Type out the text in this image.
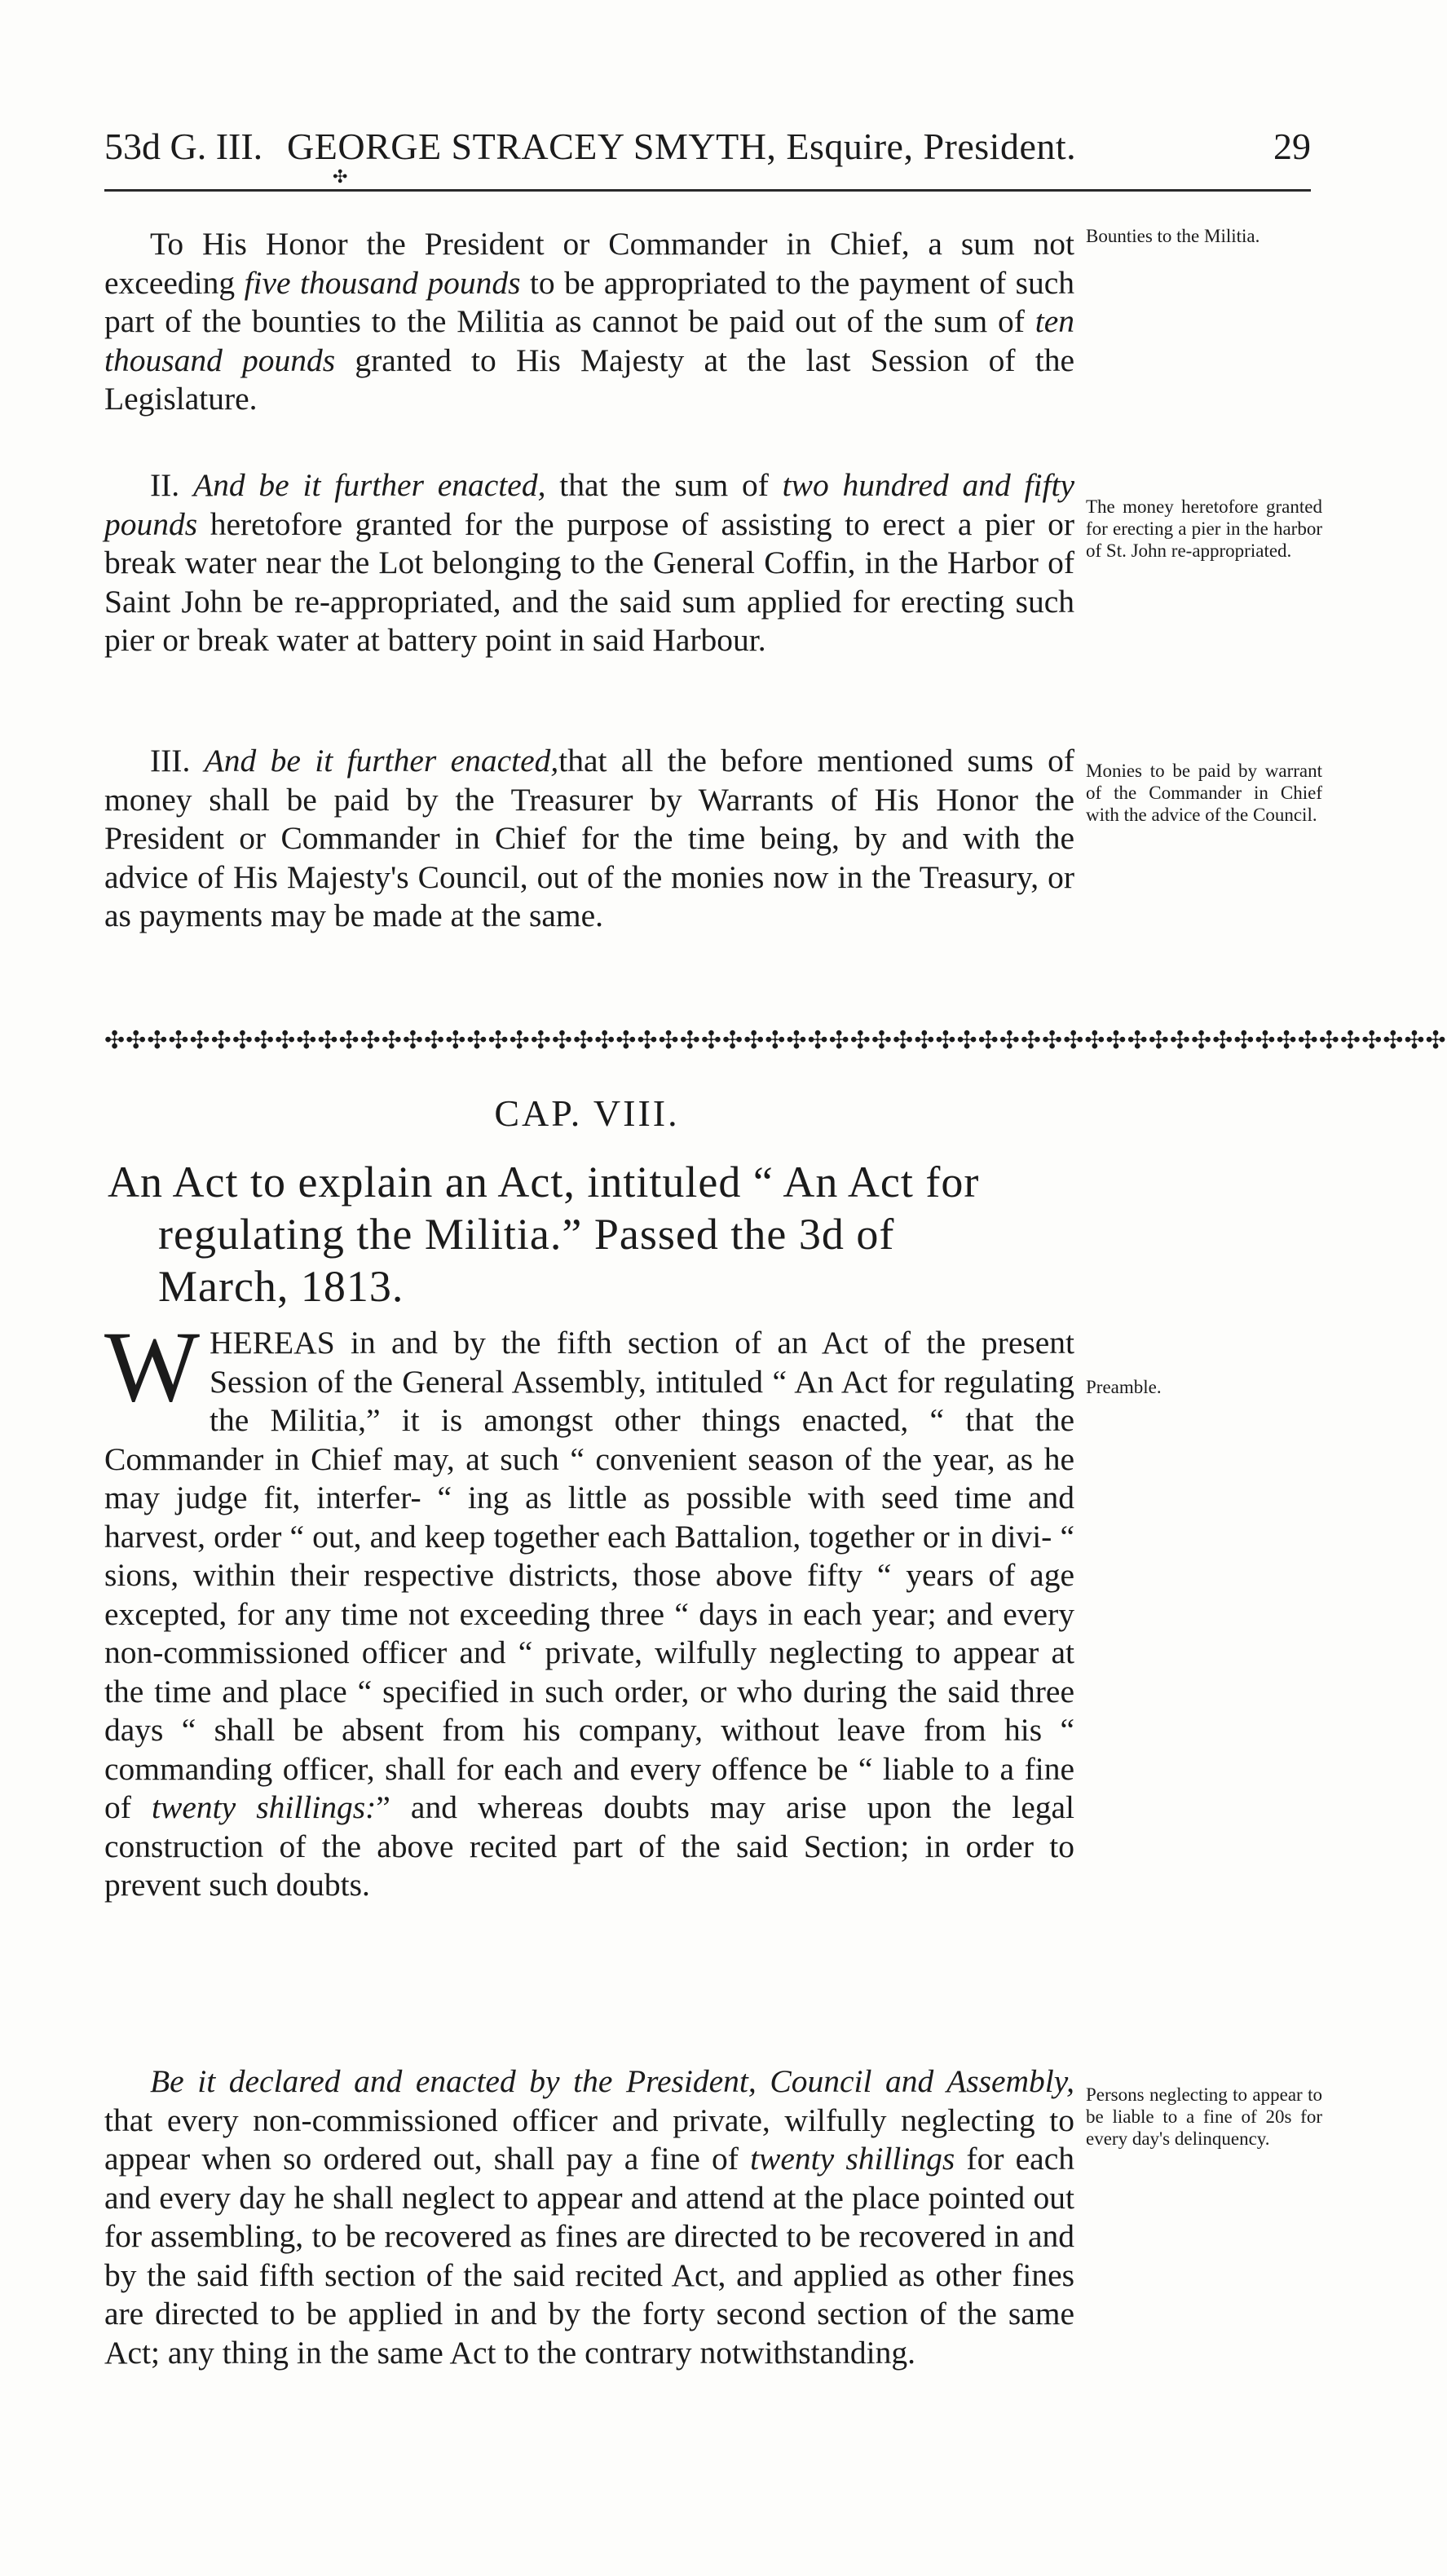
53d G. III. GEORGE STRACEY SMYTH, Esquire, President.	29
✣

To His Honor the President or Commander in Chief, a sum not exceeding five thousand pounds to be appropriated to the payment of such part of the bounties to the Militia as cannot be paid out of the sum of ten thousand pounds granted to His Majesty at the last Session of the Legislature.

Bounties to the Militia.

II. And be it further enacted, that the sum of two hundred and fifty pounds heretofore granted for the purpose of assisting to erect a pier or break water near the Lot belonging to the General Coffin, in the Harbor of Saint John be re-appropriated, and the said sum applied for erecting such pier or break water at battery point in said Harbour.

The money heretofore granted for erecting a pier in the harbor of St. John re-appropriated.

III. And be it further enacted,that all the before mentioned sums of money shall be paid by the Treasurer by Warrants of His Honor the President or Commander in Chief for the time being, by and with the advice of His Majesty's Council, out of the monies now in the Treasury, or as payments may be made at the same.

Monies to be paid by warrant of the Commander in Chief with the advice of the Council.
✣✣✣✣✣✣✣✣✣✣✣✣✣✣✣✣✣✣✣✣✣✣✣✣✣✣✣✣✣✣✣✣✣✣✣✣✣✣✣✣✣✣✣✣✣✣✣✣✣✣✣✣✣✣✣✣✣✣✣✣✣✣✣
CAP. VIII.
An Act to explain an Act, intituled “ An Act for
regulating the Militia.” Passed the 3d of
March, 1813.

WHEREAS in and by the fifth section of an Act of the present Session of the General Assembly, intituled “ An Act for regulating the Militia,” it is amongst other things enacted, “ that the Commander in Chief may, at such “ convenient season of the year, as he may judge fit, interfer- “ ing as little as possible with seed time and harvest, order “ out, and keep together each Battalion, together or in divi- “ sions, within their respective districts, those above fifty “ years of age excepted, for any time not exceeding three “ days in each year; and every non-commissioned officer and “ private, wilfully neglecting to appear at the time and place “ specified in such order, or who during the said three days “ shall be absent from his company, without leave from his “ commanding officer, shall for each and every offence be “ liable to a fine of twenty shillings:” and whereas doubts may arise upon the legal construction of the above recited part of the said Section; in order to prevent such doubts.

Preamble.

Be it declared and enacted by the President, Council and Assembly, that every non-commissioned officer and private, wilfully neglecting to appear when so ordered out, shall pay a fine of twenty shillings for each and every day he shall neglect to appear and attend at the place pointed out for assembling, to be recovered as fines are directed to be recovered in and by the said fifth section of the said recited Act, and applied as other fines are directed to be applied in and by the forty second section of the same Act; any thing in the same Act to the contrary notwithstanding.

Persons neglecting to appear to be liable to a fine of 20s for every day's delinquency.
